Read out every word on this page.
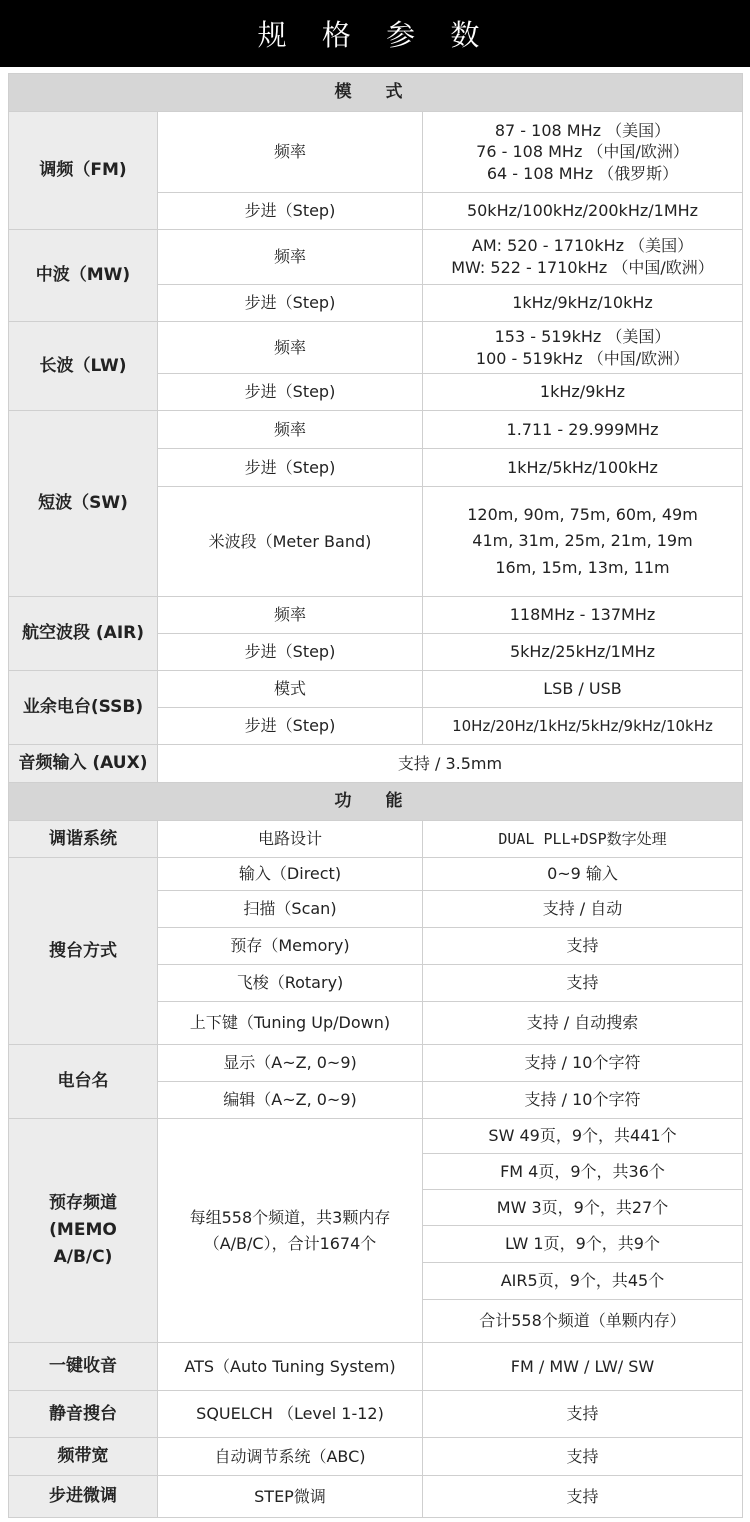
规 格 参 数
模 式		
调频（FM)	频率	87 - 108 MHz （美国）
76 - 108 MHz （中国/欧洲）
64 - 108 MHz （俄罗斯）

	步进（Step)	50kHz/100kHz/200kHz/1MHz
中波（MW)	频率	AM: 520 - 1710kHz （美国）
MW: 522 - 1710kHz （中国/欧洲）

	步进（Step)	1kHz/9kHz/10kHz
长波（LW)	频率	153 - 519kHz （美国）
100 - 519kHz （中国/欧洲）

	步进（Step)	1kHz/9kHz
短波（SW)	频率	1.711 - 29.999MHz
	步进（Step)	1kHz/5kHz/100kHz
	米波段（Meter Band)	120m, 90m, 75m, 60m, 49m
41m, 31m, 25m, 21m, 19m
16m, 15m, 13m, 11m

航空波段 (AIR)	频率	118MHz - 137MHz
	步进（Step)	5kHz/25kHz/1MHz
业余电台(SSB)	模式	LSB / USB
	步进（Step)	10Hz/20Hz/1kHz/5kHz/9kHz/10kHz
音频输入 (AUX)	支持 / 3.5mm	
功 能		
调谐系统	电路设计	DUAL PLL+DSP数字处理
搜台方式	输入（Direct)	0~9 输入
	扫描（Scan)	支持 / 自动
	预存（Memory)	支持
	飞梭（Rotary)	支持
	上下键（Tuning Up/Down)	支持 / 自动搜索
电台名	显示（A~Z, 0~9)	支持 / 10个字符
	编辑（A~Z, 0~9)	支持 / 10个字符

预存频道
(MEMO
A/B/C)	每组558个频道，共3颗内存
（A/B/C），合计1674个	SW 49页，9个，共441个
		FM 4页，9个，共36个
		MW 3页，9个，共27个
		LW 1页，9个，共9个
		AIR5页，9个，共45个
		合计558个频道（单颗内存）
一键收音	ATS（Auto Tuning System)	FM / MW / LW/ SW
静音搜台	SQUELCH （Level 1-12)	支持
频带宽	自动调节系统（ABC)	支持
步进微调	STEP微调	支持
